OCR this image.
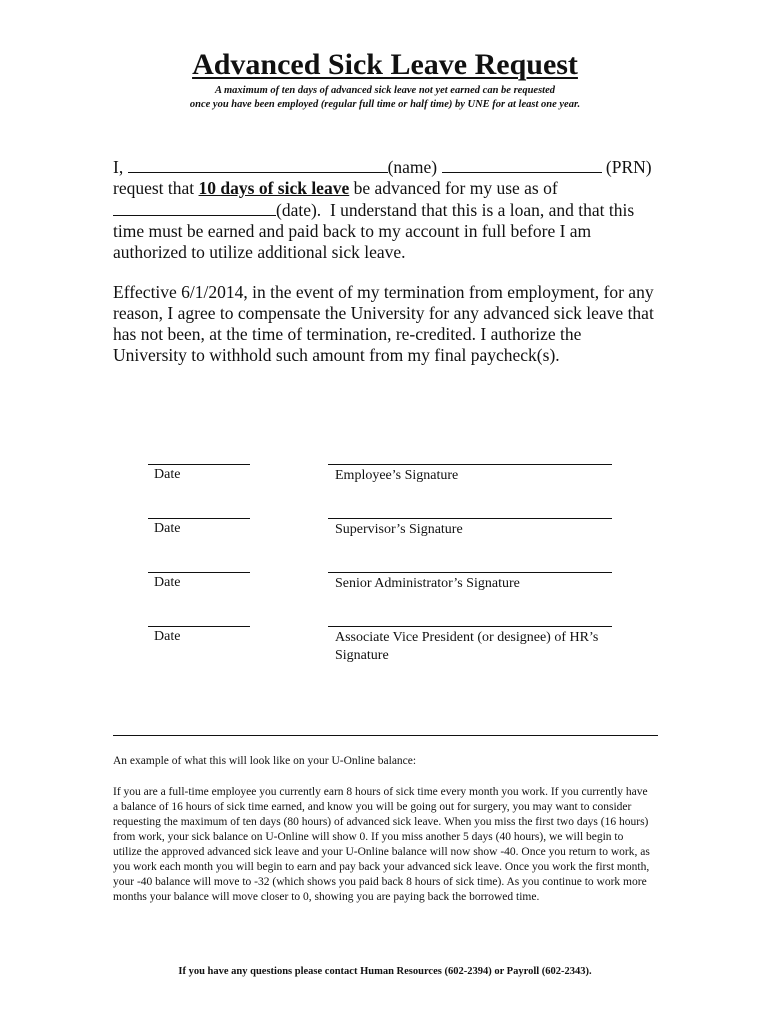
Advanced Sick Leave Request
A maximum of ten days of advanced sick leave not yet earned can be requested
once you have been employed (regular full time or half time) by UNE for at least one year.

I,	(name)	(PRN)

request that 10 days of sick leave be advanced for my use as of

(date). I understand that this is a loan, and that this time must be earned and paid back to my account in full before I am authorized to utilize additional sick leave.

Effective 6/1/2014, in the event of my termination from employment, for any reason, I agree to compensate the University for any advanced sick leave that has not been, at the time of termination, re-credited. I authorize the University to withhold such amount from my final paycheck(s).

Date	Employee’s Signature
Date	Supervisor’s Signature
Date	Senior Administrator’s Signature
Date	Associate Vice President (or designee) of HR’s Signature
An example of what this will look like on your U-Online balance:
If you are a full-time employee you currently earn 8 hours of sick time every month you work. If you currently have a balance of 16 hours of sick time earned, and know you will be going out for surgery, you may want to consider requesting the maximum of ten days (80 hours) of advanced sick leave. When you miss the first two days (16 hours) from work, your sick balance on U-Online will show 0. If you miss another 5 days (40 hours), we will begin to utilize the approved advanced sick leave and your U-Online balance will now show -40. Once you return to work, as you work each month you will begin to earn and pay back your advanced sick leave. Once you work the first month, your -40 balance will move to -32 (which shows you paid back 8 hours of sick time). As you continue to work more months your balance will move closer to 0, showing you are paying back the borrowed time.
If you have any questions please contact Human Resources (602-2394) or Payroll (602-2343).
